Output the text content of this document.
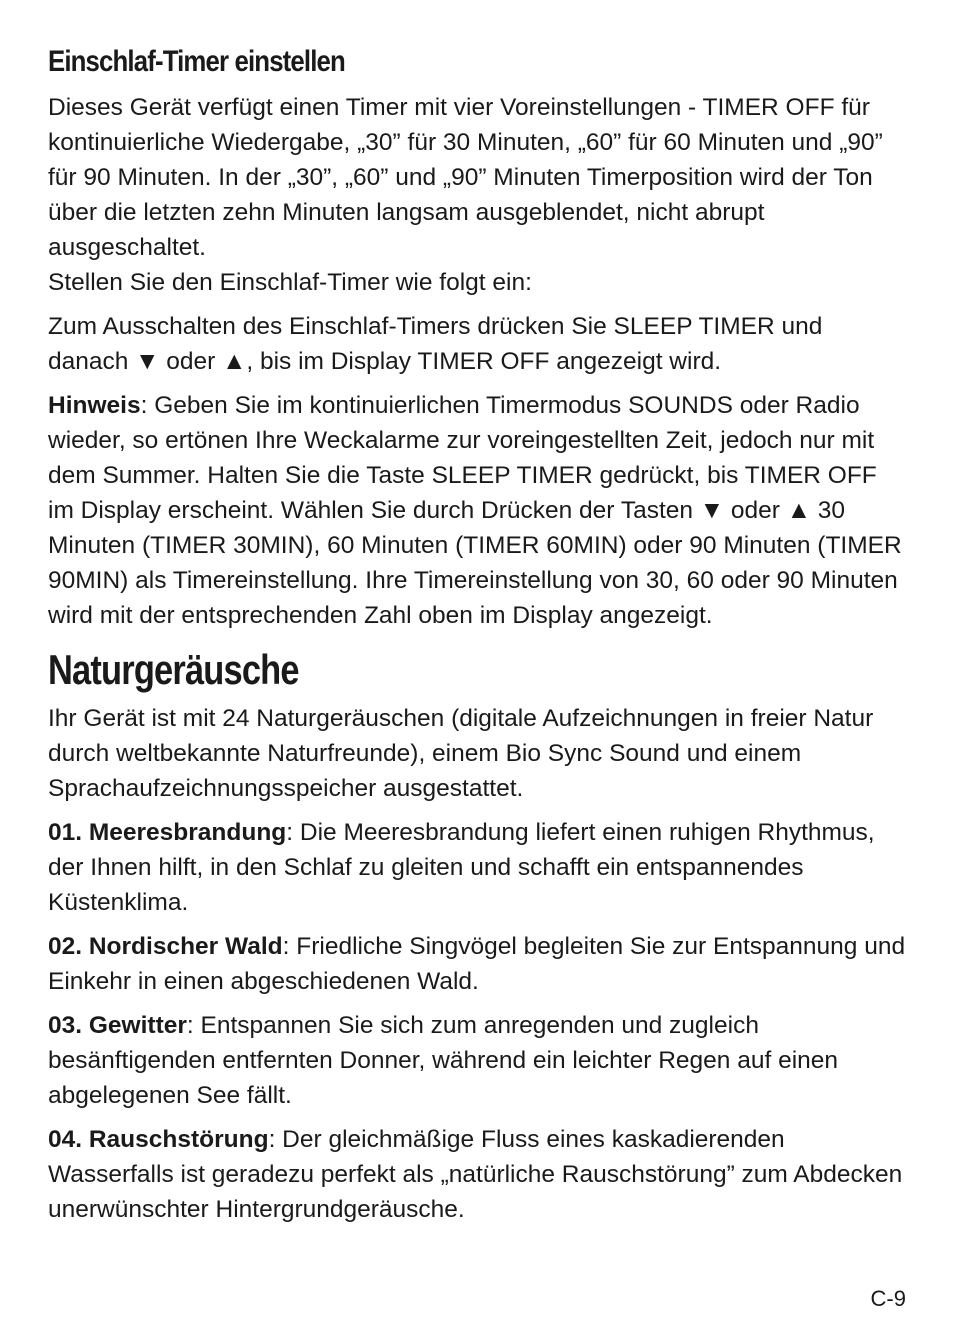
Einschlaf-Timer einstellen

Dieses Gerät verfügt einen Timer mit vier Voreinstellungen - TIMER OFF für kontinuierliche Wiedergabe, „30” für 30 Minuten, „60” für 60 Minuten und „90” für 90 Minuten. In der „30”, „60” und „90” Minuten Timerposition wird der Ton über die letzten zehn Minuten langsam ausgeblendet, nicht abrupt ausgeschaltet.

Stellen Sie den Einschlaf-Timer wie folgt ein:

Zum Ausschalten des Einschlaf-Timers drücken Sie SLEEP TIMER und danach ▼ oder ▲, bis im Display TIMER OFF angezeigt wird.

Hinweis: Geben Sie im kontinuierlichen Timermodus SOUNDS oder Radio wieder, so ertönen Ihre Weckalarme zur voreingestellten Zeit, jedoch nur mit dem Summer. Halten Sie die Taste SLEEP TIMER gedrückt, bis TIMER OFF im Display erscheint. Wählen Sie durch Drücken der Tasten ▼ oder ▲ 30 Minuten (TIMER 30MIN), 60 Minuten (TIMER 60MIN) oder 90 Minuten (TIMER 90MIN) als Timereinstellung. Ihre Timereinstellung von 30, 60 oder 90 Minuten wird mit der entsprechenden Zahl oben im Display angezeigt.

Naturgeräusche

Ihr Gerät ist mit 24 Naturgeräuschen (digitale Aufzeichnungen in freier Natur durch weltbekannte Naturfreunde), einem Bio Sync Sound und einem Sprachaufzeichnungsspeicher ausgestattet.

01. Meeresbrandung: Die Meeresbrandung liefert einen ruhigen Rhythmus, der Ihnen hilft, in den Schlaf zu gleiten und schafft ein entspannendes Küstenklima.

02. Nordischer Wald: Friedliche Singvögel begleiten Sie zur Entspannung und Einkehr in einen abgeschiedenen Wald.

03. Gewitter: Entspannen Sie sich zum anregenden und zugleich besänftigenden entfernten Donner, während ein leichter Regen auf einen abgelegenen See fällt.

04. Rauschstörung: Der gleichmäßige Fluss eines kaskadierenden Wasserfalls ist geradezu perfekt als „natürliche Rauschstörung” zum Abdecken unerwünschter Hintergrundgeräusche.

C-9
